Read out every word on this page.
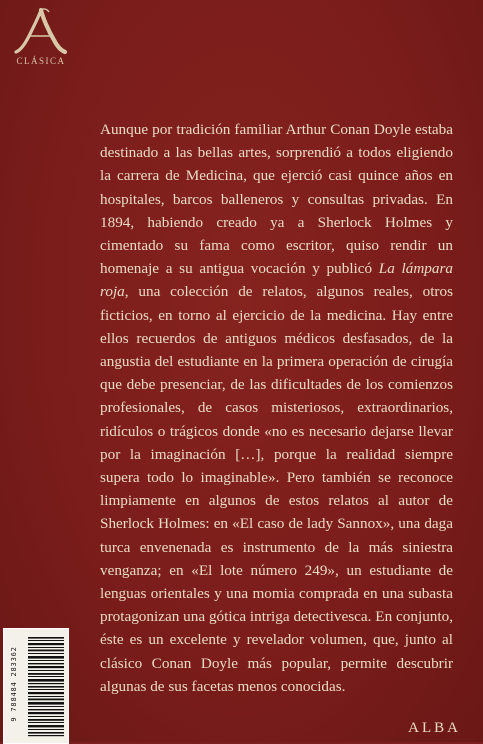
CLÁSICA

Aunque por tradición familiar Arthur Conan Doyle estaba destinado a las bellas artes, sorprendió a todos eligiendo la carrera de Medicina, que ejerció casi quince años en hospitales, barcos balleneros y consultas privadas. En 1894, habiendo creado ya a Sherlock Holmes y cimentado su fama como escritor, quiso rendir un homenaje a su antigua vocación y publicó La lámpara roja, una colección de relatos, algunos reales, otros ficticios, en torno al ejercicio de la medicina. Hay entre ellos recuerdos de antiguos médicos desfasados, de la angustia del estudiante en la primera operación de cirugía que debe presenciar, de las dificultades de los comienzos profesionales, de casos misteriosos, extraordinarios, ridículos o trágicos donde «no es necesario dejarse llevar por la imaginación […], porque la realidad siempre supera todo lo imaginable». Pero también se reconoce limpiamente en algunos de estos relatos al autor de Sherlock Holmes: en «El caso de lady Sannox», una daga turca envenenada es instrumento de la más siniestra venganza; en «El lote número 249», un estudiante de lenguas orientales y una momia comprada en una subasta protagonizan una gótica intriga detectivesca. En conjunto, éste es un excelente y revelador volumen, que, junto al clásico Conan Doyle más popular, permite descubrir algunas de sus facetas menos conocidas.

9 788484 283362
ALBA
